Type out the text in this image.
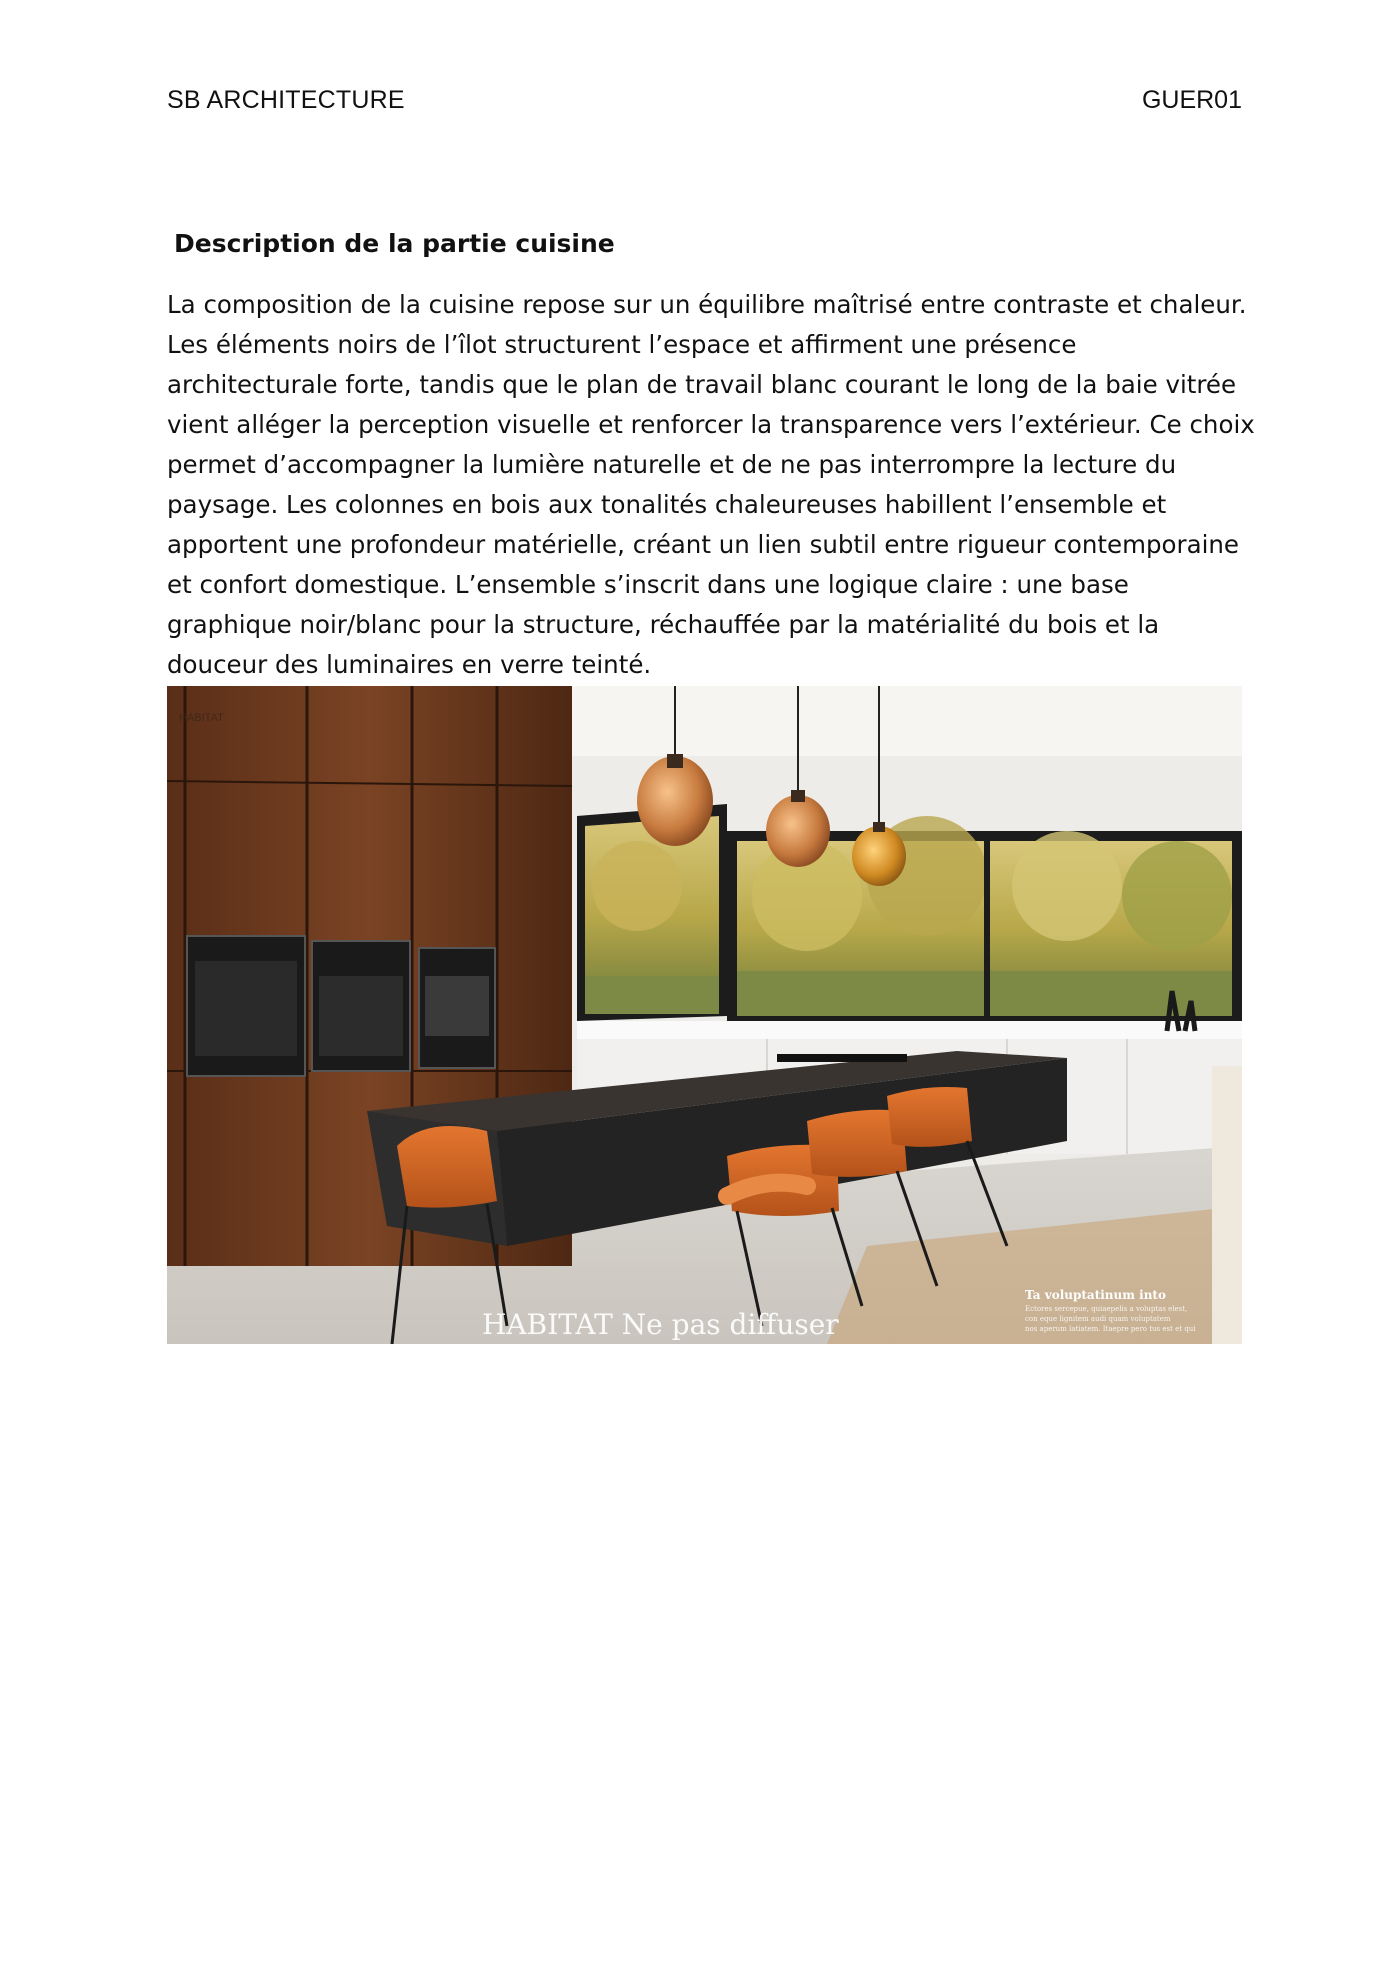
SB ARCHITECTURE	GUER01
Description de la partie cuisine
La composition de la cuisine repose sur un équilibre maîtrisé entre contraste et chaleur.
Les éléments noirs de l’îlot structurent l’espace et affirment une présence
architecturale forte, tandis que le plan de travail blanc courant le long de la baie vitrée
vient alléger la perception visuelle et renforcer la transparence vers l’extérieur. Ce choix
permet d’accompagner la lumière naturelle et de ne pas interrompre la lecture du
paysage. Les colonnes en bois aux tonalités chaleureuses habillent l’ensemble et
apportent une profondeur matérielle, créant un lien subtil entre rigueur contemporaine
et confort domestique. L’ensemble s’inscrit dans une logique claire : une base
graphique noir/blanc pour la structure, réchauffée par la matérialité du bois et la
douceur des luminaires en verre teinté.
HABITAT
HABITAT Ne pas diffuser
Ta voluptatinum into
Ectores sercepue, quiaepelis a voluptas elest,
con eque lignitem audi quam voluptatem
nos aperum latiatem. Itaepre pero tus est et qui
